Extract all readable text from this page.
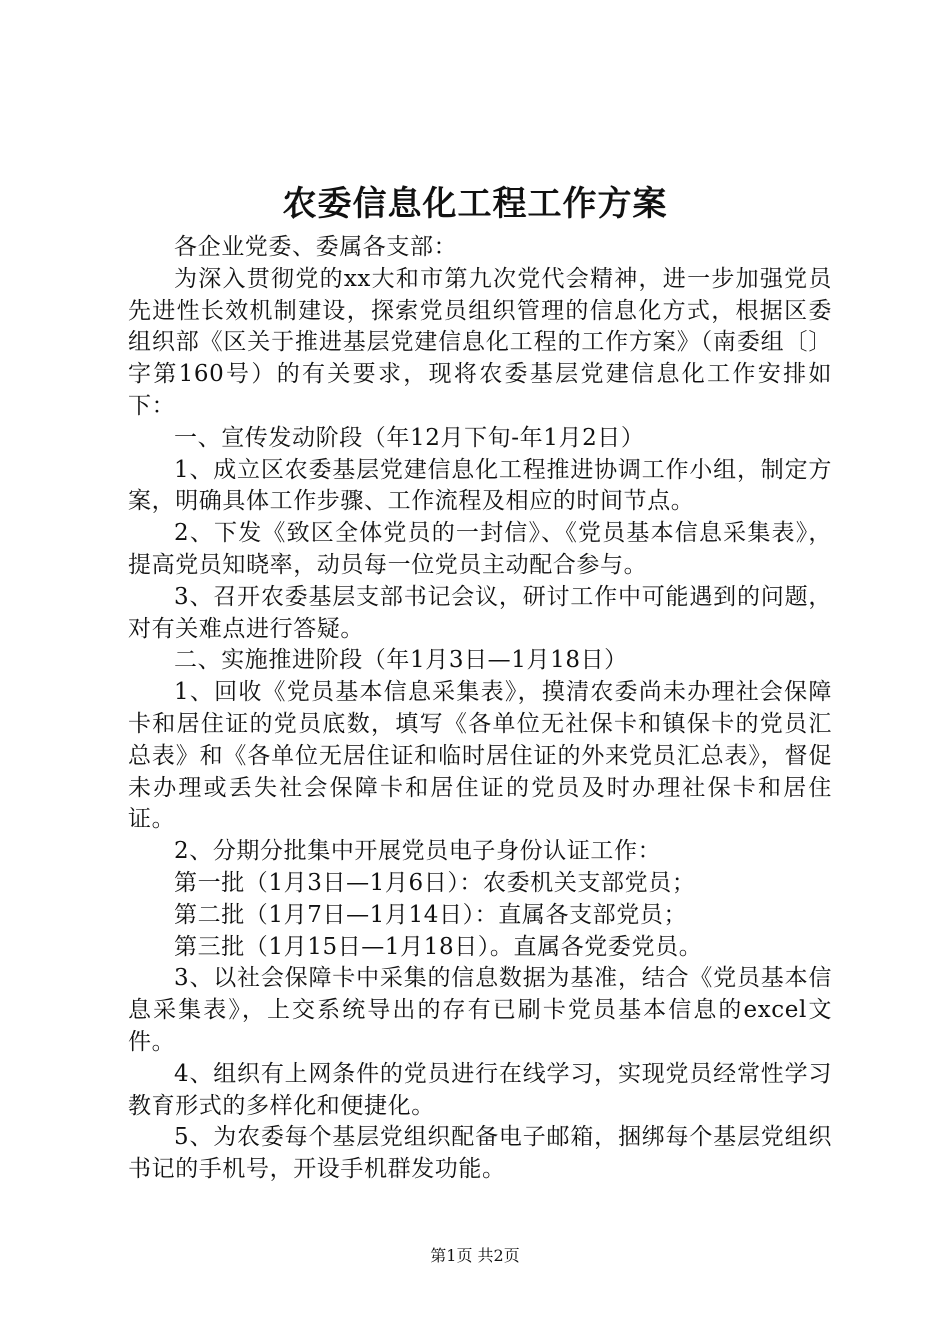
农委信息化工程工作方案

各企业党委、委属各支部：

为深入贯彻党的xx大和市第九次党代会精神，进一步加强党员先进性长效机制建设，探索党员组织管理的信息化方式，根据区委组织部《区关于推进基层党建信息化工程的工作方案》（南委组〔〕字第160号）的有关要求，现将农委基层党建信息化工作安排如下：

一、宣传发动阶段（年12月下旬-年1月2日）

1、成立区农委基层党建信息化工程推进协调工作小组，制定方案，明确具体工作步骤、工作流程及相应的时间节点。

2、下发《致区全体党员的一封信》、《党员基本信息采集表》，提高党员知晓率，动员每一位党员主动配合参与。

3、召开农委基层支部书记会议，研讨工作中可能遇到的问题，对有关难点进行答疑。

二、实施推进阶段（年1月3日—1月18日）

1、回收《党员基本信息采集表》，摸清农委尚未办理社会保障卡和居住证的党员底数，填写《各单位无社保卡和镇保卡的党员汇总表》和《各单位无居住证和临时居住证的外来党员汇总表》，督促未办理或丢失社会保障卡和居住证的党员及时办理社保卡和居住证。

2、分期分批集中开展党员电子身份认证工作：

第一批（1月3日—1月6日）：农委机关支部党员；

第二批（1月7日—1月14日）：直属各支部党员；

第三批（1月15日—1月18日）。直属各党委党员。

3、以社会保障卡中采集的信息数据为基准，结合《党员基本信息采集表》，上交系统导出的存有已刷卡党员基本信息的excel文件。

4、组织有上网条件的党员进行在线学习，实现党员经常性学习教育形式的多样化和便捷化。

5、为农委每个基层党组织配备电子邮箱，捆绑每个基层党组织书记的手机号，开设手机群发功能。

第1页 共2页
